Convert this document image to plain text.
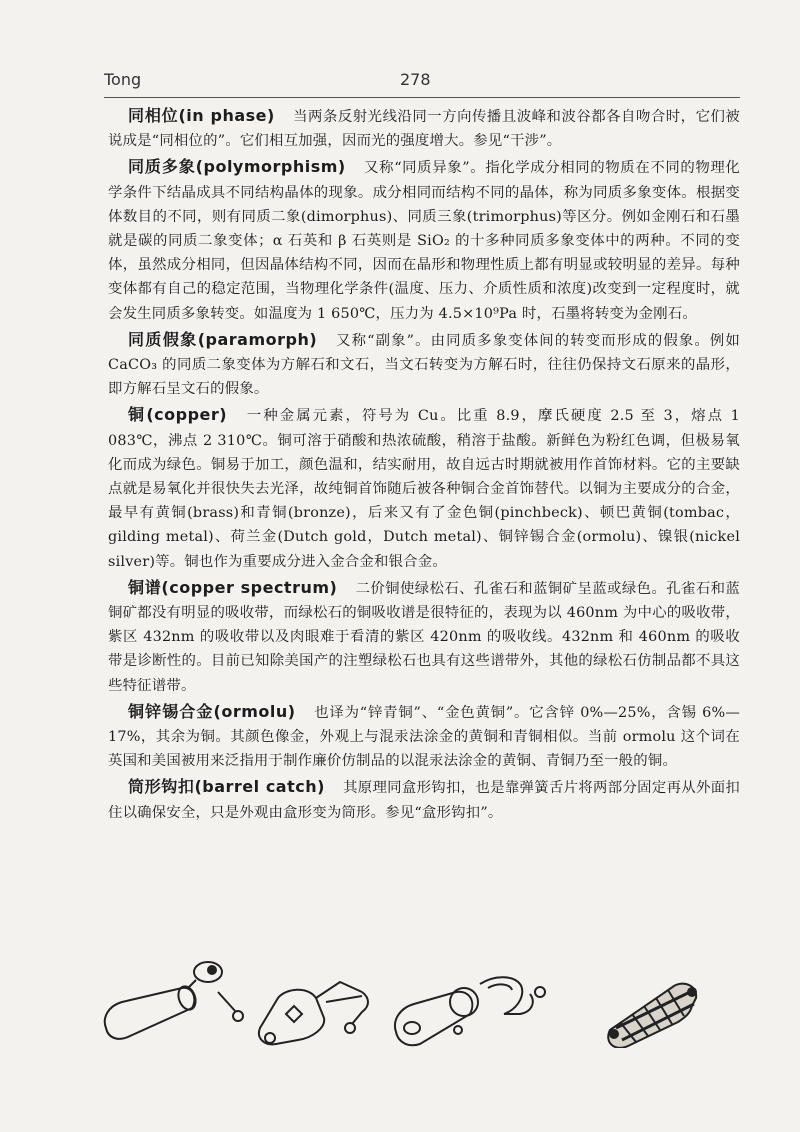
Tong	278

同相位(in phase) 当两条反射光线沿同一方向传播且波峰和波谷都各自吻合时，它们被说成是“同相位的”。它们相互加强，因而光的强度增大。参见“干涉”。

同质多象(polymorphism) 又称“同质异象”。指化学成分相同的物质在不同的物理化学条件下结晶成具不同结构晶体的现象。成分相同而结构不同的晶体，称为同质多象变体。根据变体数目的不同，则有同质二象(dimorphus)、同质三象(trimorphus)等区分。例如金刚石和石墨就是碳的同质二象变体；α 石英和 β 石英则是 SiO₂ 的十多种同质多象变体中的两种。不同的变体，虽然成分相同，但因晶体结构不同，因而在晶形和物理性质上都有明显或较明显的差异。每种变体都有自己的稳定范围，当物理化学条件(温度、压力、介质性质和浓度)改变到一定程度时，就会发生同质多象转变。如温度为 1 650℃，压力为 4.5×10⁹Pa 时，石墨将转变为金刚石。

同质假象(paramorph) 又称“副象”。由同质多象变体间的转变而形成的假象。例如 CaCO₃ 的同质二象变体为方解石和文石，当文石转变为方解石时，往往仍保持文石原来的晶形，即方解石呈文石的假象。

铜(copper) 一种金属元素，符号为 Cu。比重 8.9，摩氏硬度 2.5 至 3，熔点 1 083℃，沸点 2 310℃。铜可溶于硝酸和热浓硫酸，稍溶于盐酸。新鲜色为粉红色调，但极易氧化而成为绿色。铜易于加工，颜色温和，结实耐用，故自远古时期就被用作首饰材料。它的主要缺点就是易氧化并很快失去光泽，故纯铜首饰随后被各种铜合金首饰替代。以铜为主要成分的合金，最早有黄铜(brass)和青铜(bronze)，后来又有了金色铜(pinchbeck)、顿巴黄铜(tombac，gilding metal)、荷兰金(Dutch gold，Dutch metal)、铜锌锡合金(ormolu)、镍银(nickel silver)等。铜也作为重要成分进入金合金和银合金。

铜谱(copper spectrum) 二价铜使绿松石、孔雀石和蓝铜矿呈蓝或绿色。孔雀石和蓝铜矿都没有明显的吸收带，而绿松石的铜吸收谱是很特征的，表现为以 460nm 为中心的吸收带，紫区 432nm 的吸收带以及肉眼难于看清的紫区 420nm 的吸收线。432nm 和 460nm 的吸收带是诊断性的。目前已知除美国产的注塑绿松石也具有这些谱带外，其他的绿松石仿制品都不具这些特征谱带。

铜锌锡合金(ormolu) 也译为“锌青铜”、“金色黄铜”。它含锌 0%—25%，含锡 6%—17%，其余为铜。其颜色像金，外观上与混汞法涂金的黄铜和青铜相似。当前 ormolu 这个词在英国和美国被用来泛指用于制作廉价仿制品的以混汞法涂金的黄铜、青铜乃至一般的铜。

筒形钩扣(barrel catch) 其原理同盒形钩扣，也是靠弹簧舌片将两部分固定再从外面扣住以确保安全，只是外观由盒形变为筒形。参见“盒形钩扣”。
